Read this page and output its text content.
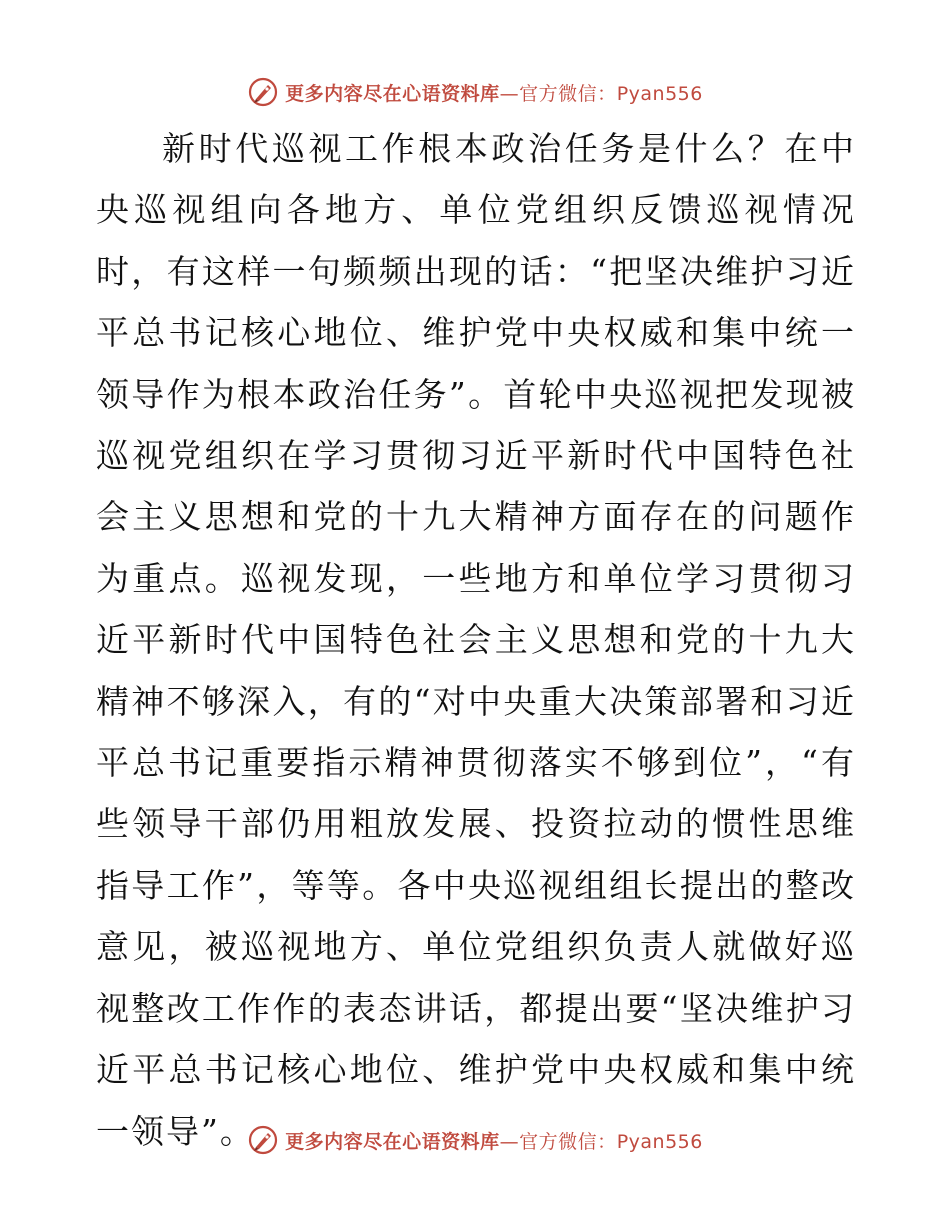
更多内容尽在心语资料库—官方微信：Pyan556

新时代巡视工作根本政治任务是什么？在中央巡视组向各地方、单位党组织反馈巡视情况时，有这样一句频频出现的话：“把坚决维护习近平总书记核心地位、维护党中央权威和集中统一领导作为根本政治任务”。首轮中央巡视把发现被巡视党组织在学习贯彻习近平新时代中国特色社会主义思想和党的十九大精神方面存在的问题作为重点。巡视发现，一些地方和单位学习贯彻习近平新时代中国特色社会主义思想和党的十九大精神不够深入，有的“对中央重大决策部署和习近平总书记重要指示精神贯彻落实不够到位”，“有些领导干部仍用粗放发展、投资拉动的惯性思维指导工作”，等等。各中央巡视组组长提出的整改意见，被巡视地方、单位党组织负责人就做好巡视整改工作作的表态讲话，都提出要“坚决维护习近平总书记核心地位、维护党中央权威和集中统一领导”。	更多内容尽在心语资料库—官方微信：Pyan556
